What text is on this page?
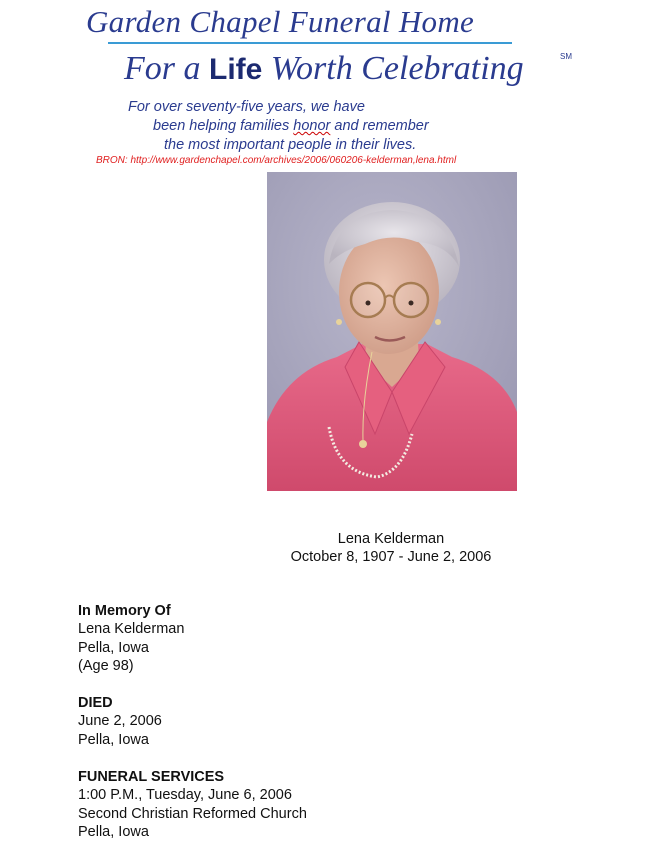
Garden Chapel Funeral Home
For a Life Worth Celebrating	SM
For over seventy-five years, we have
been helping families honor and remember
the most important people in their lives.
BRON: http://www.gardenchapel.com/archives/2006/060206-kelderman,lena.html
Lena Kelderman
October 8, 1907 - June 2, 2006
In Memory Of
Lena Kelderman
Pella, Iowa
(Age 98)
DIED
June 2, 2006
Pella, Iowa
FUNERAL SERVICES
1:00 P.M., Tuesday, June 6, 2006
Second Christian Reformed Church
Pella, Iowa
